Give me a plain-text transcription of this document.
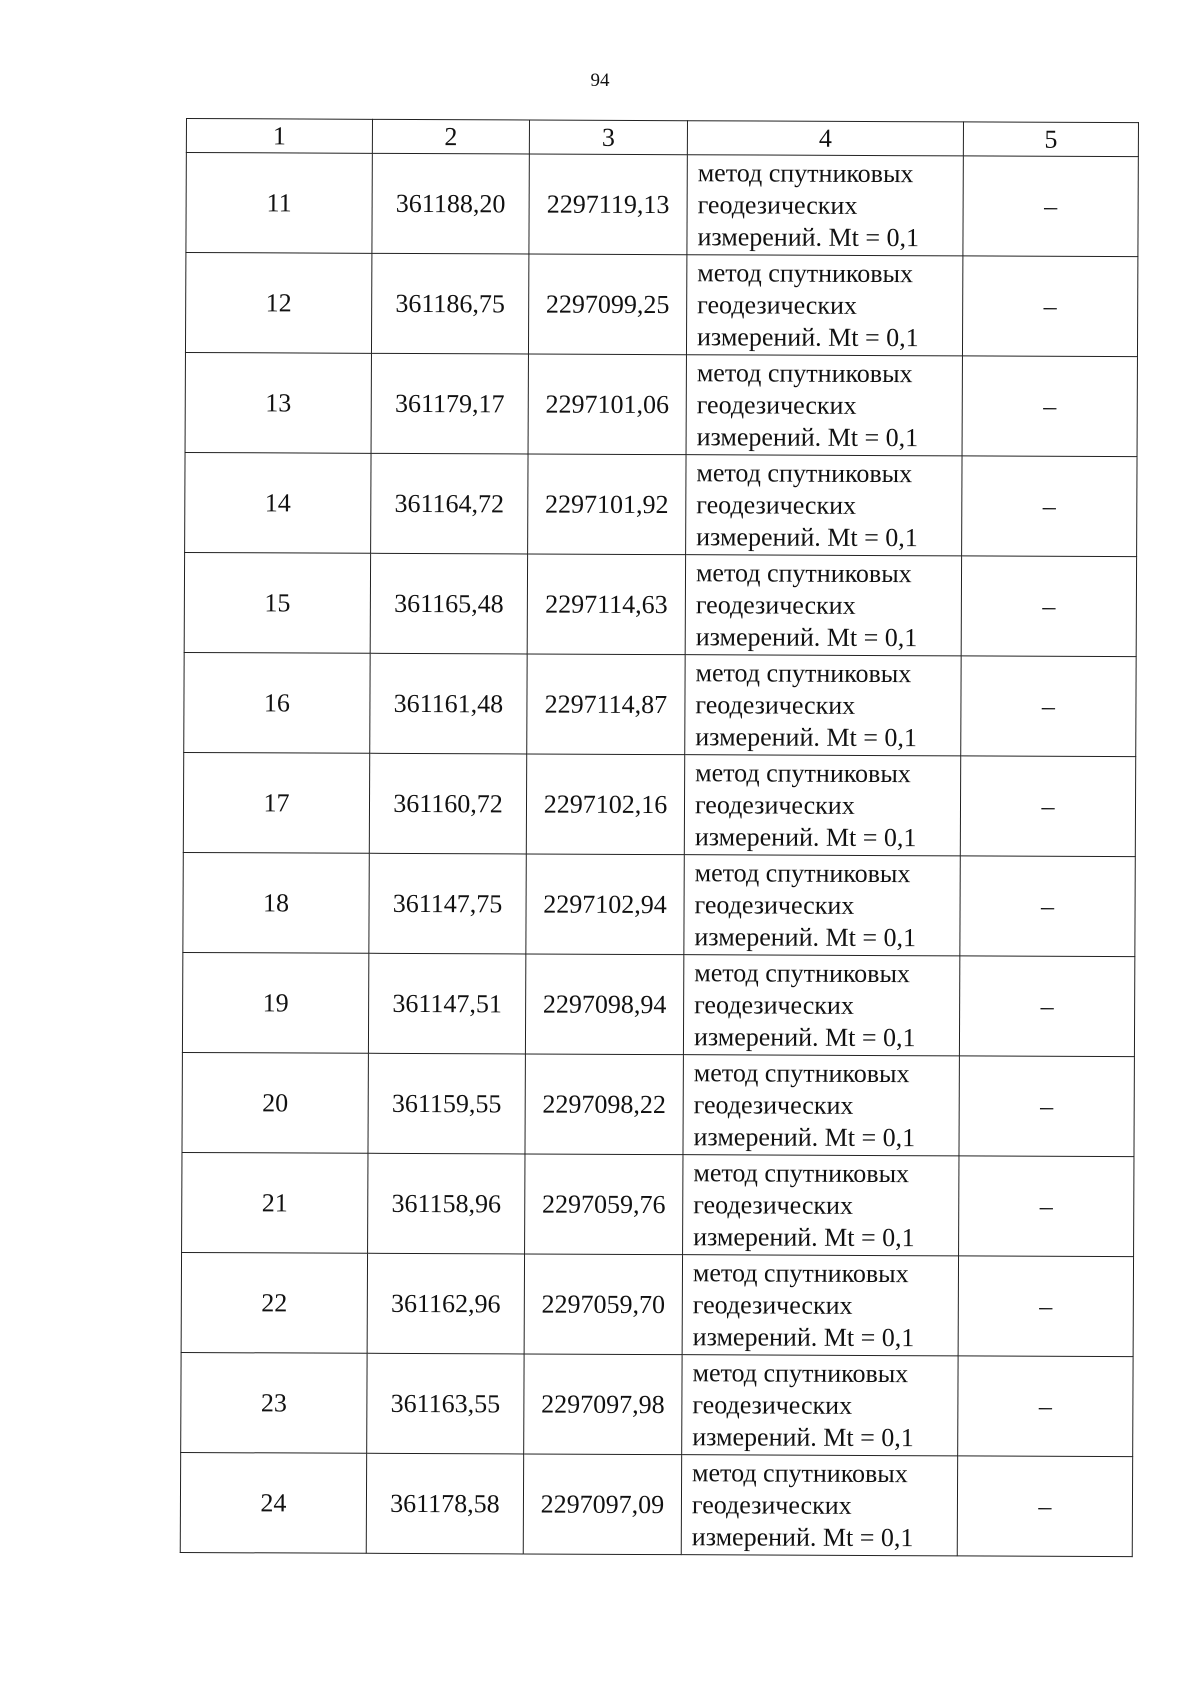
94
1	2	3	4	5
11	361188,20	2297119,13	метод спутниковых
геодезических
измерений. Mt = 0,1	–
12	361186,75	2297099,25	метод спутниковых
геодезических
измерений. Mt = 0,1	–
13	361179,17	2297101,06	метод спутниковых
геодезических
измерений. Mt = 0,1	–
14	361164,72	2297101,92	метод спутниковых
геодезических
измерений. Mt = 0,1	–
15	361165,48	2297114,63	метод спутниковых
геодезических
измерений. Mt = 0,1	–
16	361161,48	2297114,87	метод спутниковых
геодезических
измерений. Mt = 0,1	–
17	361160,72	2297102,16	метод спутниковых
геодезических
измерений. Mt = 0,1	–
18	361147,75	2297102,94	метод спутниковых
геодезических
измерений. Mt = 0,1	–
19	361147,51	2297098,94	метод спутниковых
геодезических
измерений. Mt = 0,1	–
20	361159,55	2297098,22	метод спутниковых
геодезических
измерений. Mt = 0,1	–
21	361158,96	2297059,76	метод спутниковых
геодезических
измерений. Mt = 0,1	–
22	361162,96	2297059,70	метод спутниковых
геодезических
измерений. Mt = 0,1	–
23	361163,55	2297097,98	метод спутниковых
геодезических
измерений. Mt = 0,1	–
24	361178,58	2297097,09	метод спутниковых
геодезических
измерений. Mt = 0,1	–
